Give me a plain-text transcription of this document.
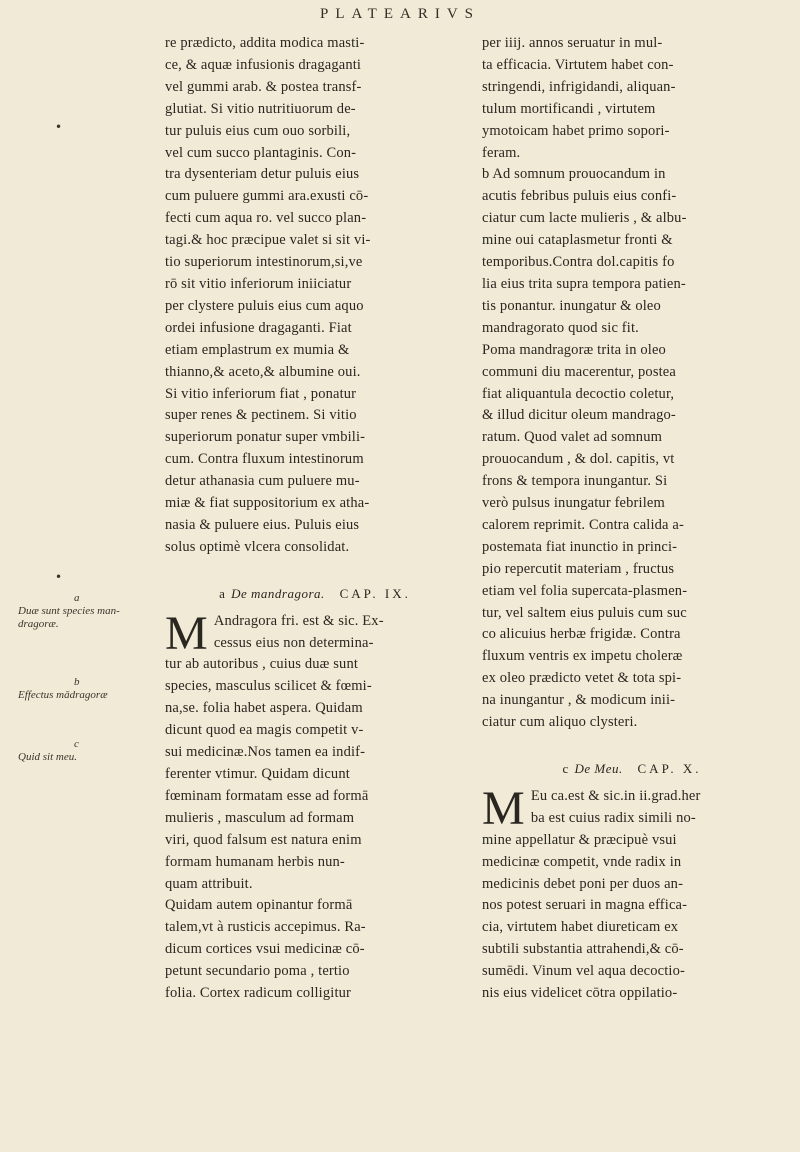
PLATEARIVS
re prædicto, addita modica masti-
ce, & aquæ infusionis dragaganti
vel gummi arab. & postea transf-
glutiat. Si vitio nutritiuorum de-
tur puluis eius cum ouo sorbili,
vel cum succo plantaginis. Con-
tra dysenteriam detur puluis eius
cum puluere gummi ara.exusti cō-
fecti cum aqua ro. vel succo plan-
tagi.& hoc præcipue valet si sit vi-
tio superiorum intestinorum,si,ve
rō sit vitio inferiorum iniiciatur
per clystere puluis eius cum aquo
ordei infusione dragaganti. Fiat
etiam emplastrum ex mumia &
thianno,& aceto,& albumine oui.
Si vitio inferiorum fiat , ponatur
super renes & pectinem. Si vitio
superiorum ponatur super vmbili-
cum. Contra fluxum intestinorum
detur athanasia cum puluere mu-
miæ & fiat suppositorium ex atha-
nasia & puluere eius. Puluis eius
solus optimè vlcera consolidat.
a De mandragora. CAP. IX.
M Andragora fri. est & sic. Ex-
cessus eius non determina-
tur ab autoribus , cuius duæ sunt
species, masculus scilicet & fœmi-
na,se. folia habet aspera. Quidam
dicunt quod ea magis competit v-
sui medicinæ.Nos tamen ea indif-
ferenter vtimur. Quidam dicunt
fœminam formatam esse ad formā
mulieris , masculum ad formam
viri, quod falsum est natura enim
formam humanam herbis nun-
quam attribuit.
Quidam autem opinantur formā
talem,vt à rusticis accepimus. Ra-
dicum cortices vsui medicinæ cō-
petunt secundario poma , tertio
folia. Cortex radicum colligitur
per iiij. annos seruatur in mul-
ta efficacia. Virtutem habet con-
stringendi, infrigidandi, aliquan-
tulum mortificandi , virtutem
ymotoicam habet primo sopori-
feram.
b Ad somnum prouocandum in
acutis febribus puluis eius confi-
ciatur cum lacte mulieris , & albu-
mine oui cataplasmetur fronti &
temporibus.Contra dol.capitis fo
lia eius trita supra tempora patien-
tis ponantur. inungatur & oleo
mandragorato quod sic fit.
Poma mandragoræ trita in oleo
communi diu macerentur, postea
fiat aliquantula decoctio coletur,
& illud dicitur oleum mandrago-
ratum. Quod valet ad somnum
prouocandum , & dol. capitis, vt
frons & tempora inungantur. Si
verò pulsus inungatur febrilem
calorem reprimit. Contra calida a-
postemata fiat inunctio in princi-
pio repercutit materiam , fructus
etiam vel folia supercata-plasmen-
tur, vel saltem eius puluis cum suc
co alicuius herbæ frigidæ. Contra
fluxum ventris ex impetu choleræ
ex oleo prædicto vetet & tota spi-
na inungantur , & modicum inii-
ciatur cum aliquo clysteri.
c De Meu. CAP. X.
M Eu ca.est & sic.in ii.grad.her
ba est cuius radix simili no-
mine appellatur & præcipuè vsui
medicinæ competit, vnde radix in
medicinis debet poni per duos an-
nos potest seruari in magna effica-
cia, virtutem habet diureticam ex
subtili substantia attrahendi,& cō-
sumēdi. Vinum vel aqua decoctio-
nis eius videlicet cōtra oppilatio-
a
Duæ sunt species man-dragoræ.
b
Effectus mādragoræ
c
Quid sit meu.
•
•
